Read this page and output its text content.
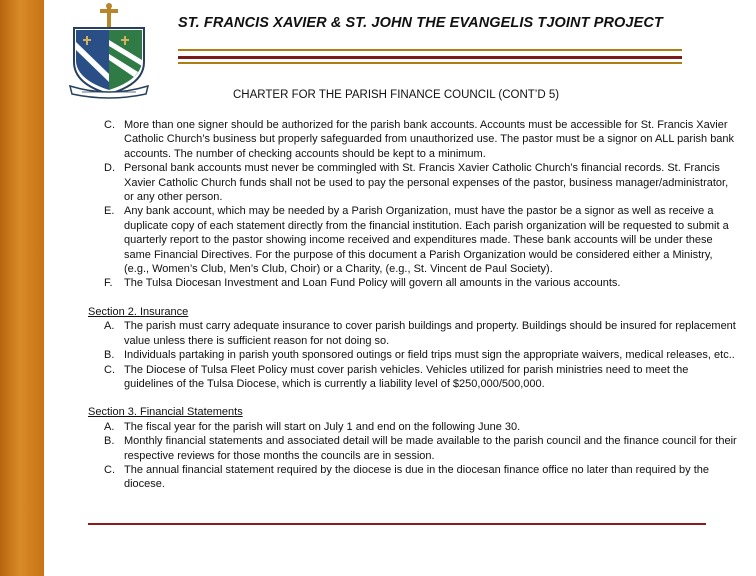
ST. FRANCIS XAVIER & ST. JOHN THE EVANGELIS TJOINT PROJECT
CHARTER FOR THE PARISH FINANCE COUNCIL (CONT’D 5)
C. More than one signer should be authorized for the parish bank accounts. Accounts must be accessible for St. Francis Xavier Catholic Church’s business but properly safeguarded from unauthorized use. The pastor must be a signor on ALL parish bank accounts. The number of checking accounts should be kept to a minimum.
D. Personal bank accounts must never be commingled with St. Francis Xavier Catholic Church’s financial records. St. Francis Xavier Catholic Church funds shall not be used to pay the personal expenses of the pastor, business manager/administrator, or any other person.
E. Any bank account, which may be needed by a Parish Organization, must have the pastor be a signor as well as receive a duplicate copy of each statement directly from the financial institution. Each parish organization will be requested to submit a quarterly report to the pastor showing income received and expenditures made. These bank accounts will be under these same Financial Directives. For the purpose of this document a Parish Organization would be considered either a Ministry, (e.g., Women’s Club, Men’s Club, Choir) or a Charity, (e.g., St. Vincent de Paul Society).
F. The Tulsa Diocesan Investment and Loan Fund Policy will govern all amounts in the various accounts.
Section 2. Insurance
A. The parish must carry adequate insurance to cover parish buildings and property. Buildings should be insured for replacement value unless there is sufficient reason for not doing so.
B. Individuals partaking in parish youth sponsored outings or field trips must sign the appropriate waivers, medical releases, etc..
C. The Diocese of Tulsa Fleet Policy must cover parish vehicles. Vehicles utilized for parish ministries need to meet the guidelines of the Tulsa Diocese, which is currently a liability level of $250,000/500,000.
Section 3. Financial Statements
A. The fiscal year for the parish will start on July 1 and end on the following June 30.
B. Monthly financial statements and associated detail will be made available to the parish council and the finance council for their respective reviews for those months the councils are in session.
C. The annual financial statement required by the diocese is due in the diocesan finance office no later than required by the diocese.
